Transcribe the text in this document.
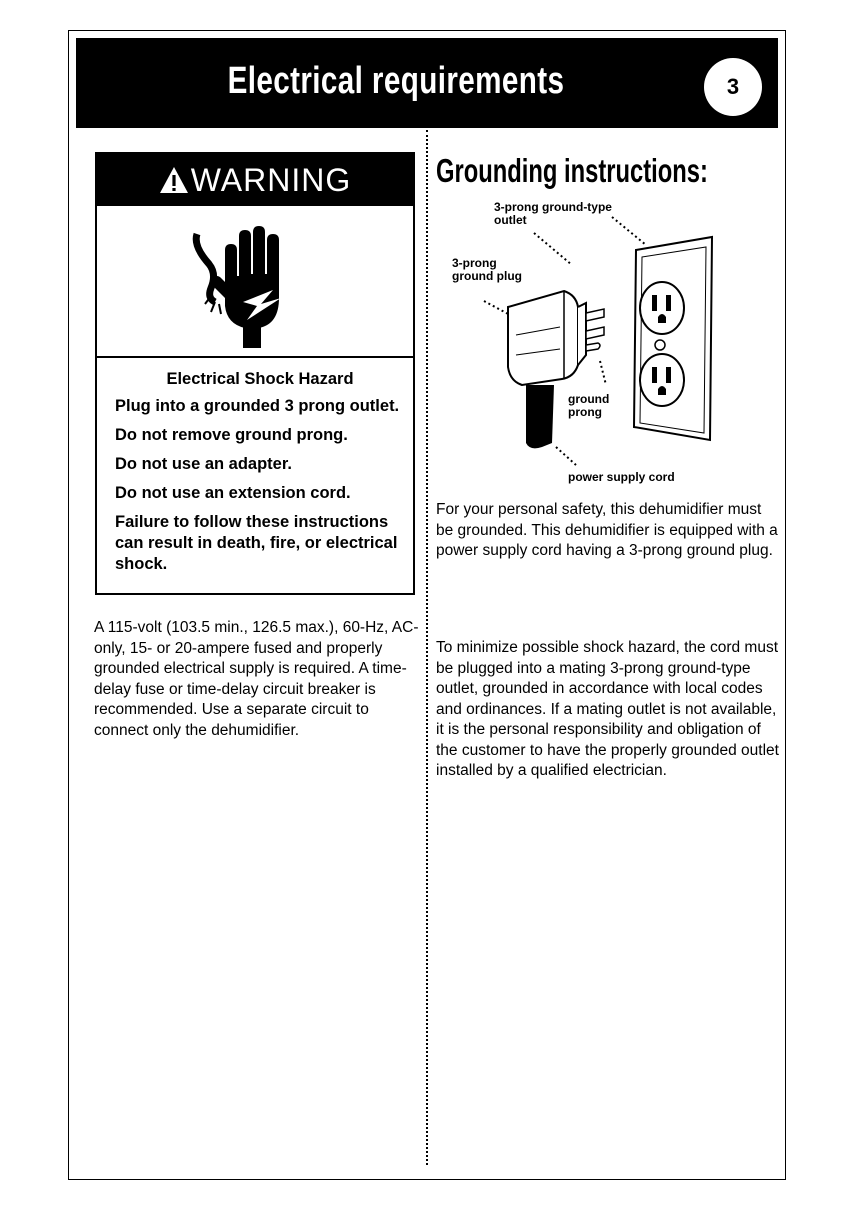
Electrical requirements	3
WARNING
Electrical Shock Hazard

Plug into a grounded 3 prong outlet.

Do not remove ground prong.

Do not use an adapter.

Do not use an extension cord.

Failure to follow these instructions can result in death, fire, or electrical shock.

A 115-volt (103.5 min., 126.5 max.), 60-Hz, AC-only, 15- or 20-ampere fused and properly grounded electrical supply is required. A time-delay fuse or time-delay circuit breaker is recommended. Use a separate circuit to connect only the dehumidifier.

Grounding instructions:
3-prong ground-type outlet
3-prong ground plug
ground prong
power supply cord

For your personal safety, this dehumidifier must be grounded. This dehumidifier is equipped with a power supply cord having a 3-prong ground plug.

To minimize possible shock hazard, the cord must be plugged into a mating 3-prong ground-type outlet, grounded in accordance with local codes and ordinances. If a mating outlet is not available, it is the personal responsibility and obligation of the customer to have the properly grounded outlet installed by a qualified electrician.
